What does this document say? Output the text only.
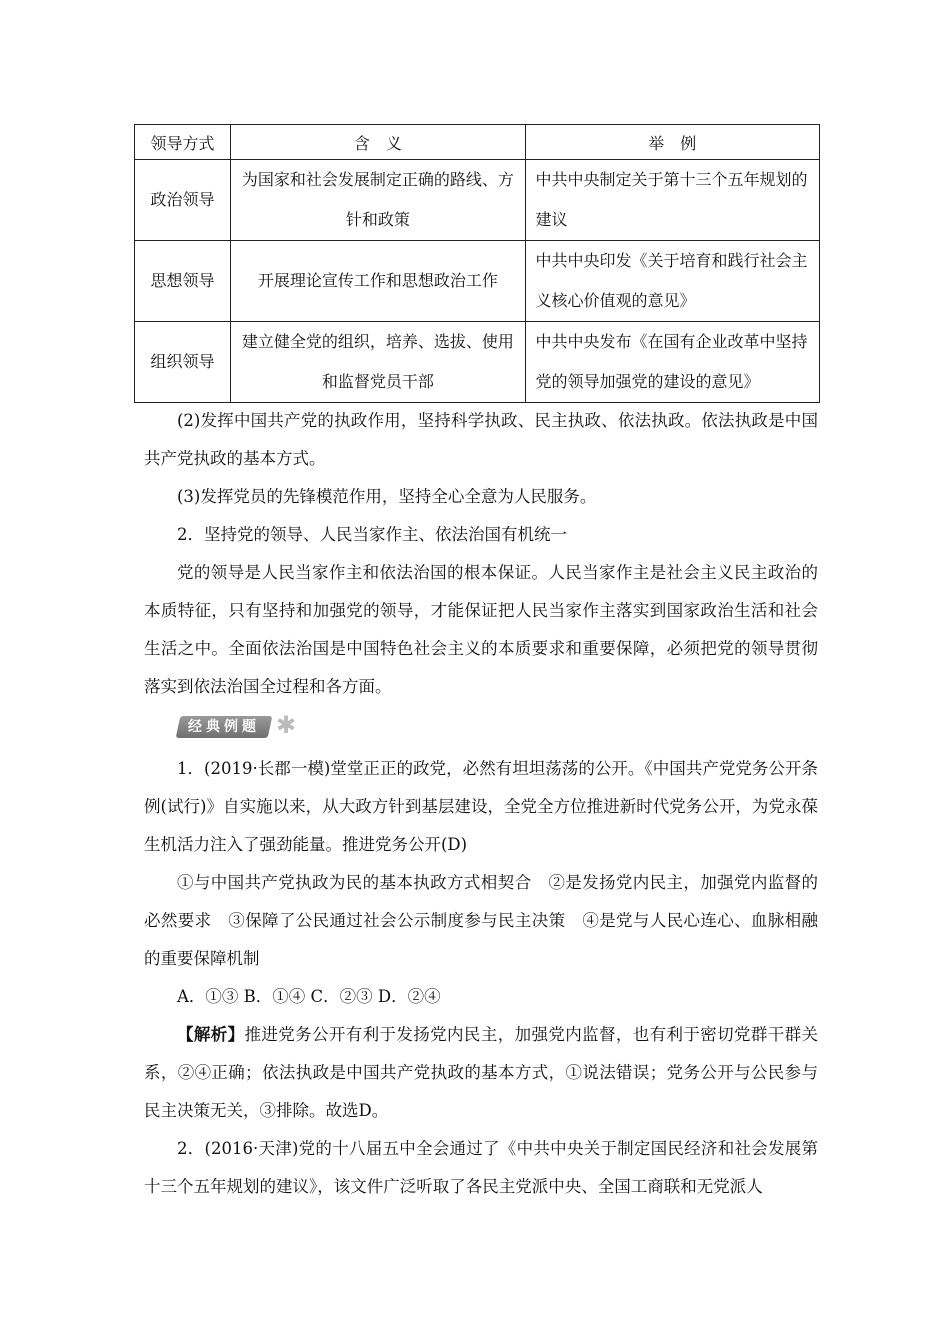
领导方式	含　义	举　例
政治领导	为国家和社会发展制定正确的路线、方针和政策	中共中央制定关于第十三个五年规划的建议
思想领导	开展理论宣传工作和思想政治工作	中共中央印发《关于培育和践行社会主义核心价值观的意见》
组织领导	建立健全党的组织，培养、选拔、使用和监督党员干部	中共中央发布《在国有企业改革中坚持党的领导加强党的建设的意见》
(2)发挥中国共产党的执政作用，坚持科学执政、民主执政、依法执政。依法执政是中国共产党执政的基本方式。
(3)发挥党员的先锋模范作用，坚持全心全意为人民服务。
2．坚持党的领导、人民当家作主、依法治国有机统一
党的领导是人民当家作主和依法治国的根本保证。人民当家作主是社会主义民主政治的本质特征，只有坚持和加强党的领导，才能保证把人民当家作主落实到国家政治生活和社会生活之中。全面依法治国是中国特色社会主义的本质要求和重要保障，必须把党的领导贯彻落实到依法治国全过程和各方面。
经典例题 ✱
1．(2019·长郡一模)堂堂正正的政党，必然有坦坦荡荡的公开。《中国共产党党务公开条例(试行)》自实施以来，从大政方针到基层建设，全党全方位推进新时代党务公开，为党永葆生机活力注入了强劲能量。推进党务公开(D)
①与中国共产党执政为民的基本执政方式相契合　②是发扬党内民主，加强党内监督的必然要求　③保障了公民通过社会公示制度参与民主决策　④是党与人民心连心、血脉相融的重要保障机制
A．①③ B．①④ C．②③ D．②④
【解析】推进党务公开有利于发扬党内民主，加强党内监督，也有利于密切党群干群关系，②④正确；依法执政是中国共产党执政的基本方式，①说法错误；党务公开与公民参与民主决策无关，③排除。故选D。
2．(2016·天津)党的十八届五中全会通过了《中共中央关于制定国民经济和社会发展第十三个五年规划的建议》，该文件广泛听取了各民主党派中央、全国工商联和无党派人
